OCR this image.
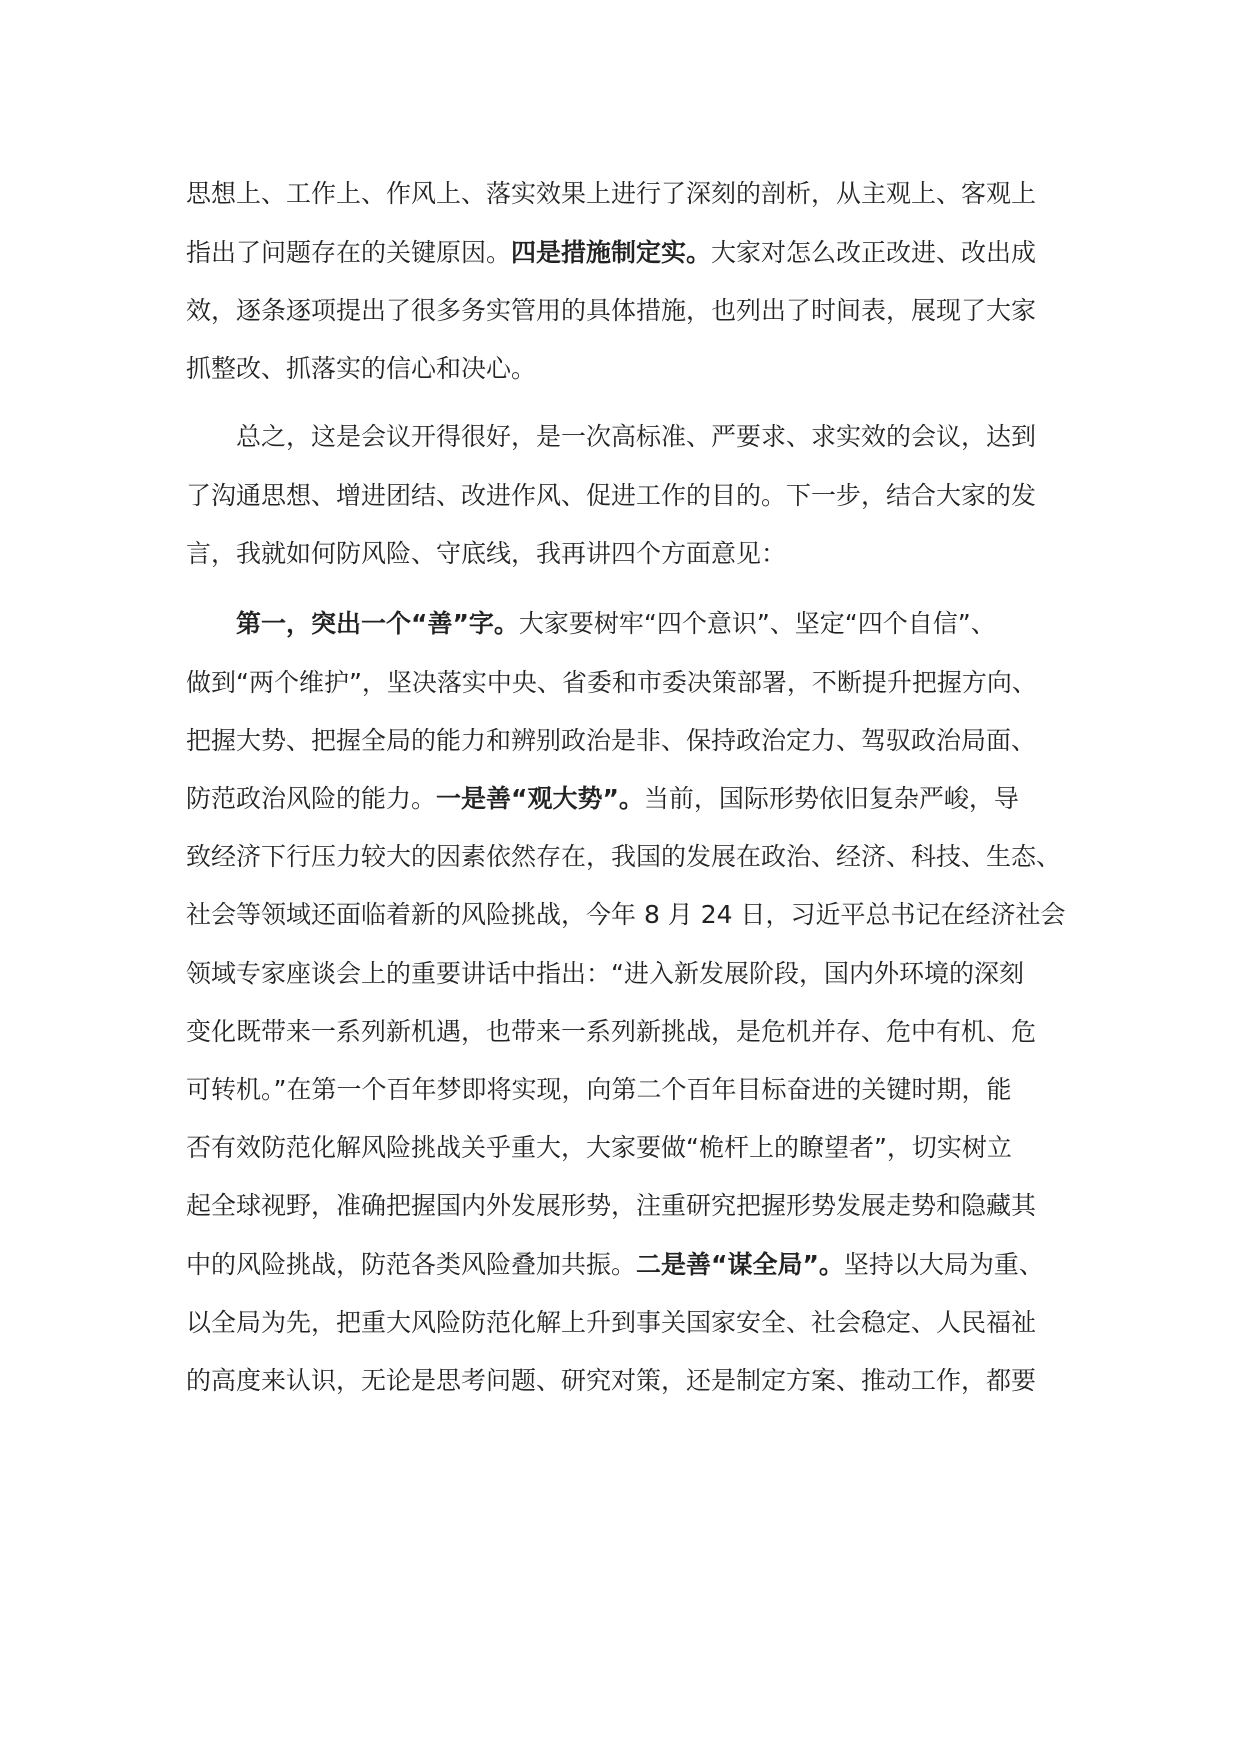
思想上、工作上、作风上、落实效果上进行了深刻的剖析，从主观上、客观上
指出了问题存在的关键原因。四是措施制定实。大家对怎么改正改进、改出成
效，逐条逐项提出了很多务实管用的具体措施，也列出了时间表，展现了大家
抓整改、抓落实的信心和决心。
　　总之，这是会议开得很好，是一次高标准、严要求、求实效的会议，达到
了沟通思想、增进团结、改进作风、促进工作的目的。下一步，结合大家的发
言，我就如何防风险、守底线，我再讲四个方面意见：
　　第一，突出一个“善”字。大家要树牢“四个意识”、坚定“四个自信”、
做到“两个维护”，坚决落实中央、省委和市委决策部署，不断提升把握方向、
把握大势、把握全局的能力和辨别政治是非、保持政治定力、驾驭政治局面、
防范政治风险的能力。一是善“观大势”。当前，国际形势依旧复杂严峻，导
致经济下行压力较大的因素依然存在，我国的发展在政治、经济、科技、生态、
社会等领域还面临着新的风险挑战，今年 8 月 24 日，习近平总书记在经济社会
领域专家座谈会上的重要讲话中指出：“进入新发展阶段，国内外环境的深刻
变化既带来一系列新机遇，也带来一系列新挑战，是危机并存、危中有机、危
可转机。”在第一个百年梦即将实现，向第二个百年目标奋进的关键时期，能
否有效防范化解风险挑战关乎重大，大家要做“桅杆上的瞭望者”，切实树立
起全球视野，准确把握国内外发展形势，注重研究把握形势发展走势和隐藏其
中的风险挑战，防范各类风险叠加共振。二是善“谋全局”。坚持以大局为重、
以全局为先，把重大风险防范化解上升到事关国家安全、社会稳定、人民福祉
的高度来认识，无论是思考问题、研究对策，还是制定方案、推动工作，都要
